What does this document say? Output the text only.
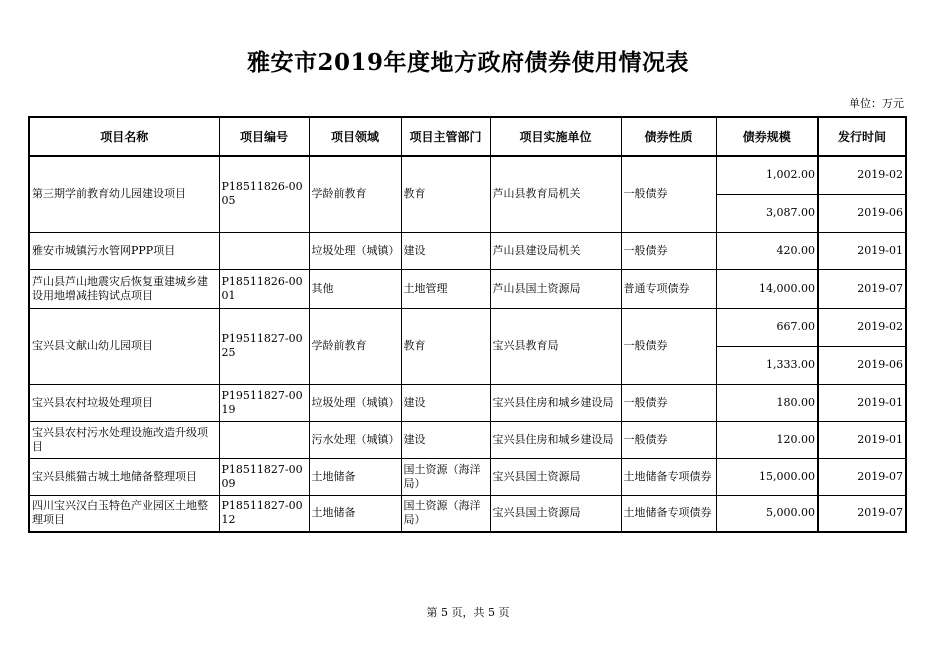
雅安市2019年度地方政府债券使用情况表
单位：万元
项目名称	项目编号	项目领域	项目主管部门	项目实施单位	债券性质	债券规模	发行时间
第三期学前教育幼儿园建设项目	P18511826-0005	学龄前教育	教育	芦山县教育局机关	一般债券	1,002.00	2019-02
						3,087.00	2019-06
雅安市城镇污水管网PPP项目		垃圾处理（城镇）	建设	芦山县建设局机关	一般债券	420.00	2019-01
芦山县芦山地震灾后恢复重建城乡建设用地增减挂钩试点项目	P18511826-0001	其他	土地管理	芦山县国土资源局	普通专项债券	14,000.00	2019-07
宝兴县文献山幼儿园项目	P19511827-0025	学龄前教育	教育	宝兴县教育局	一般债券	667.00	2019-02
						1,333.00	2019-06
宝兴县农村垃圾处理项目	P19511827-0019	垃圾处理（城镇）	建设	宝兴县住房和城乡建设局	一般债券	180.00	2019-01
宝兴县农村污水处理设施改造升级项目		污水处理（城镇）	建设	宝兴县住房和城乡建设局	一般债券	120.00	2019-01
宝兴县熊猫古城土地储备整理项目	P18511827-0009	土地储备	国土资源（海洋局）	宝兴县国土资源局	土地储备专项债券	15,000.00	2019-07
四川宝兴汉白玉特色产业园区土地整理项目	P18511827-0012	土地储备	国土资源（海洋局）	宝兴县国土资源局	土地储备专项债券	5,000.00	2019-07
第 5 页，共 5 页
